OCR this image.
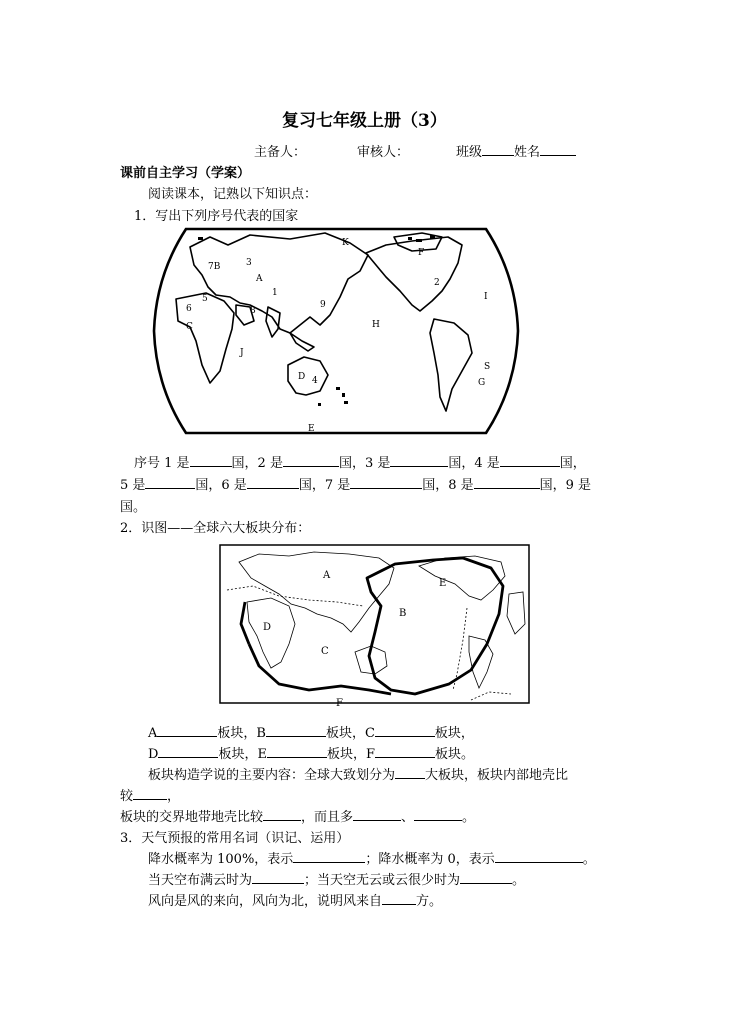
复习七年级上册（3）
主备人：	审核人：	班级 姓名
课前自主学习（学案）
阅读课本，记熟以下知识点：
1．写出下列序号代表的国家
K
A
1
7B	3
6
5
8
9
C
J
H
F
2
I
S
G
D 4
E
序号 1 是	国，2 是	国，3 是	国，4 是	国，
5 是	国，6 是	国，7 是	国，8 是	国，9 是
国。
2．识图——全球六大板块分布：
A
B
C
D
E
F
A	板块，B	板块，C	板块，
D	板块，E	板块，F	板块。
板块构造学说的主要内容：全球大致划分为 大板块，板块内部地壳比
较	，
板块的交界地带地壳比较	，而且多	、	。
3．天气预报的常用名词（识记、运用）
降水概率为 100%，表示	；降水概率为 0，表示	。
当天空布满云时为	；当天空无云或云很少时为	。
风向是风的来向，风向为北，说明风来自	方。
